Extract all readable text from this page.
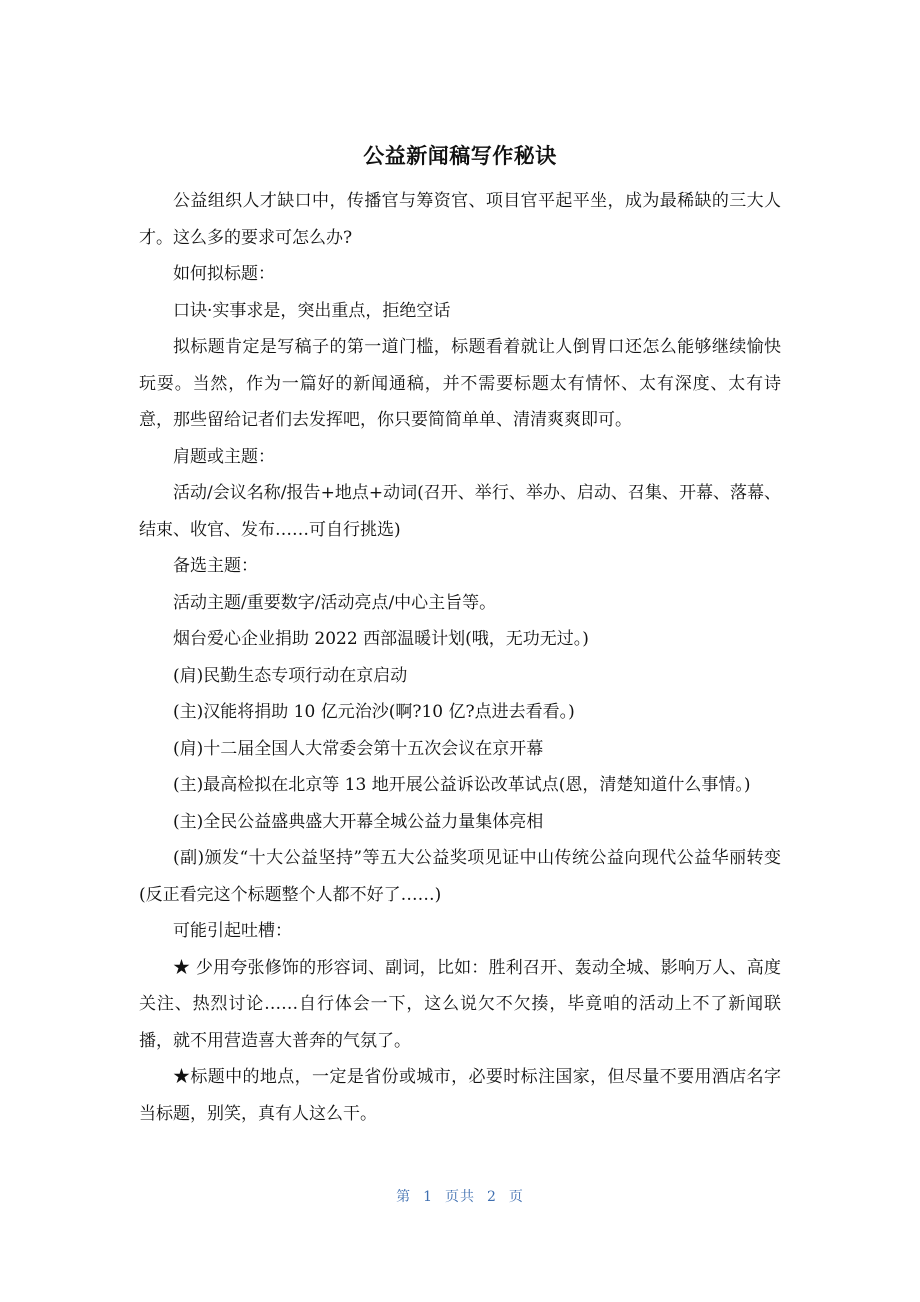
公益新闻稿写作秘诀

公益组织人才缺口中，传播官与筹资官、项目官平起平坐，成为最稀缺的三大人才。这么多的要求可怎么办?

如何拟标题：

口诀·实事求是，突出重点，拒绝空话

拟标题肯定是写稿子的第一道门槛，标题看着就让人倒胃口还怎么能够继续愉快玩耍。当然，作为一篇好的新闻通稿，并不需要标题太有情怀、太有深度、太有诗意，那些留给记者们去发挥吧，你只要简简单单、清清爽爽即可。

肩题或主题：

活动/会议名称/报告+地点+动词(召开、举行、举办、启动、召集、开幕、落幕、结束、收官、发布……可自行挑选)

备选主题：

活动主题/重要数字/活动亮点/中心主旨等。

烟台爱心企业捐助 2022 西部温暖计划(哦，无功无过。)

(肩)民勤生态专项行动在京启动

(主)汉能将捐助 10 亿元治沙(啊?10 亿?点进去看看。)

(肩)十二届全国人大常委会第十五次会议在京开幕

(主)最高检拟在北京等 13 地开展公益诉讼改革试点(恩，清楚知道什么事情。)

(主)全民公益盛典盛大开幕全城公益力量集体亮相

(副)颁发“十大公益坚持”等五大公益奖项见证中山传统公益向现代公益华丽转变(反正看完这个标题整个人都不好了……)

可能引起吐槽：

★ 少用夸张修饰的形容词、副词，比如：胜利召开、轰动全城、影响万人、高度关注、热烈讨论……自行体会一下，这么说欠不欠揍，毕竟咱的活动上不了新闻联播，就不用营造喜大普奔的气氛了。

★标题中的地点，一定是省份或城市，必要时标注国家，但尽量不要用酒店名字当标题，别笑，真有人这么干。

第 1 页共 2 页
